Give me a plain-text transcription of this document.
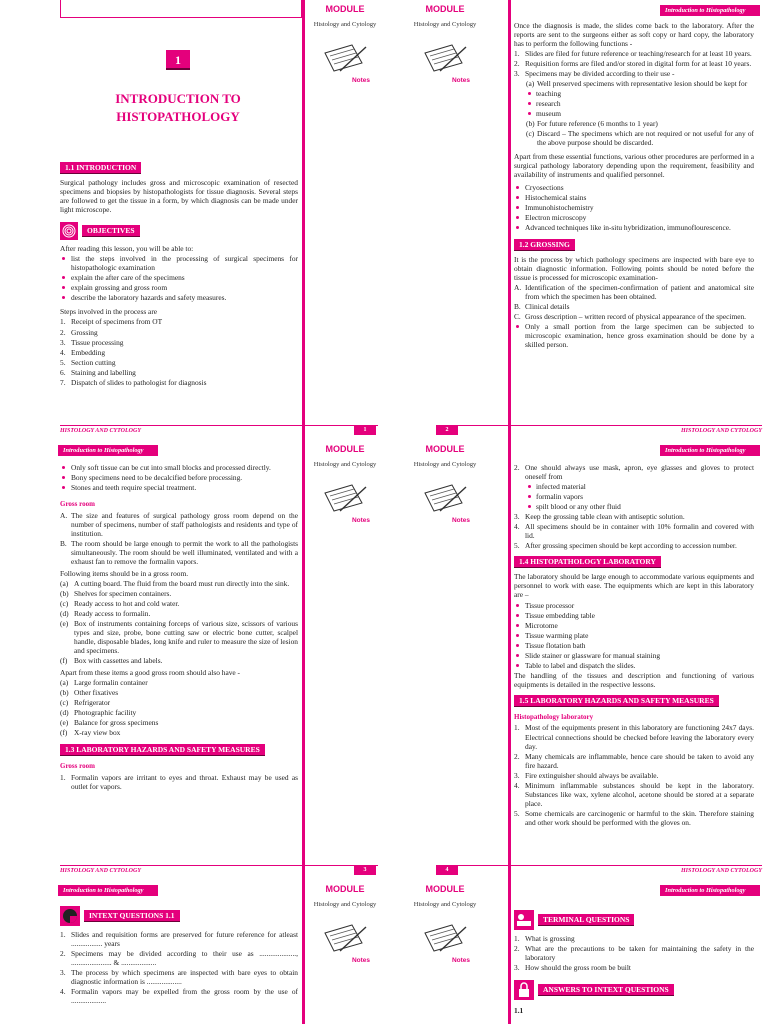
MODULE
Histology and Cytology
Notes
1
INTRODUCTION TO HISTOPATHOLOGY
1.1 INTRODUCTION

Surgical pathology includes gross and microscopic examination of resected specimens and biopsies by histopathologists for tissue diagnosis. Several steps are followed to get the tissue in a form, by which diagnosis can be made under light microscope.

OBJECTIVES

After reading this lesson, you will be able to:

list the steps involved in the processing of surgical specimens for histopathologic examination
explain the after care of the specimens
explain grossing and gross room
describe the laboratory hazards and safety measures.

Steps involved in the process are

1. Receipt of specimens from OT
2. Grossing
3. Tissue processing
4. Embedding
5. Section cutting
6. Staining and labelling
7. Dispatch of slides to pathologist for diagnosis
HISTOLOGY AND CYTOLOGY	1
MODULE
Histology and Cytology
Notes
Introduction to Histopathology

Once the diagnosis is made, the slides come back to the laboratory. After the reports are sent to the surgeons either as soft copy or hard copy, the laboratory has to perform the following functions -

1. Slides are filed for future reference or teaching/research for at least 10 years.
2. Requisition forms are filed and/or stored in digital form for at least 10 years.
3. Specimens may be divided according to their use -
(a) Well preserved specimens with representative lesion should be kept for
teaching
research
museum
(b) For future reference (6 months to 1 year)
(c) Discard – The specimens which are not required or not useful for any of the above purpose should be discarded.

Apart from these essential functions, various other procedures are performed in a surgical pathology laboratory depending upon the requirement, feasibility and availability of instruments and qualified personnel.

Cryosections
Histochemical stains
Immunohistochemistry
Electron microscopy
Advanced techniques like in-situ hybridization, immunoflourescence.
1.2 GROSSING

It is the process by which pathology specimens are inspected with bare eye to obtain diagnostic information. Following points should be noted before the tissue is processed for microscopic examination-

A. Identification of the specimen-confirmation of patient and anatomical site from which the specimen has been obtained.
B. Clinical details
C. Gross description – written record of physical appearance of the specimen.
Only a small portion from the large specimen can be subjected to microscopic examination, hence gross examination should be done by a skilled person.
2	HISTOLOGY AND CYTOLOGY
Introduction to Histopathology	MODULE
Histology and Cytology
Notes
Only soft tissue can be cut into small blocks and processed directly.
Bony specimens need to be decalcified before processing.
Stones and teeth require special treatment.
Gross room
A. The size and features of surgical pathology gross room depend on the number of specimens, number of staff pathologists and residents and type of institution.
B. The room should be large enough to permit the work to all the pathologists simultaneously. The room should be well illuminated, ventilated and with a exhaust fan to remove the formalin vapors.

Following items should be in a gross room.

(a) A cutting board. The fluid from the board must run directly into the sink.
(b) Shelves for specimen containers.
(c) Ready access to hot and cold water.
(d) Ready access to formalin.
(e) Box of instruments containing forceps of various size, scissors of various types and size, probe, bone cutting saw or electric bone cutter, scalpel handle, disposable blades, long knife and ruler to measure the size of lesion and specimens.
(f) Box with cassettes and labels.

Apart from these items a good gross room should also have -

(a) Large formalin container
(b) Other fixatives
(c) Refrigerator
(d) Photographic facility
(e) Balance for gross specimens
(f) X-ray view box
1.3 LABORATORY HAZARDS AND SAFETY MEASURES
Gross room
1. Formalin vapors are irritant to eyes and throat. Exhaust may be used as outlet for vapors.
HISTOLOGY AND CYTOLOGY	3
MODULE
Histology and Cytology
Notes
Introduction to Histopathology
2. One should always use mask, apron, eye glasses and gloves to protect oneself from
infected material
formalin vapors
spilt blood or any other fluid
3. Keep the grossing table clean with antiseptic solution.
4. All specimens should be in container with 10% formalin and covered with lid.
5. After grossing specimen should be kept according to accession number.
1.4 HISTOPATHOLOGY LABORATORY

The laboratory should be large enough to accommodate various equipments and personnel to work with ease. The equipments which are kept in this laboratory are –

Tissue processor
Tissue embedding table
Microtome
Tissue warming plate
Tissue flotation bath
Slide stainer or glassware for manual staining
Table to label and dispatch the slides.

The handling of the tissues and description and functioning of various equipments is detailed in the respective lessons.

1.5 LABORATORY HAZARDS AND SAFETY MEASURES
Histopathology laboratory
1. Most of the equipments present in this laboratory are functioning 24x7 days. Electrical connections should be checked before leaving the laboratory every day.
2. Many chemicals are inflammable, hence care should be taken to avoid any fire hazard.
3. Fire extinguisher should always be available.
4. Minimum inflammable substances should be kept in the laboratory. Substances like wax, xylene alcohol, acetone should be stored at a separate place.
5. Some chemicals are carcinogenic or harmful to the skin. Therefore staining and other work should be performed with the gloves on.
4	HISTOLOGY AND CYTOLOGY
Introduction to Histopathology	MODULE
Histology and Cytology
Notes
INTEXT QUESTIONS 1.1
1. Slides and requisition forms are preserved for future reference for atleast ................. years
2. Specimens may be divided according to their use as ...................., ...................... & ...................
3. The process by which specimens are inspected with bare eyes to obtain diagnostic information is ...................
4. Formalin vapors may be expelled from the gross room by the use of ...................
MODULE
Histology and Cytology
Notes
Introduction to Histopathology
TERMINAL QUESTIONS
1. What is grossing
2. What are the precautions to be taken for maintaining the safety in the laboratory
3. How should the gross room be built
ANSWERS TO INTEXT QUESTIONS
1.1
